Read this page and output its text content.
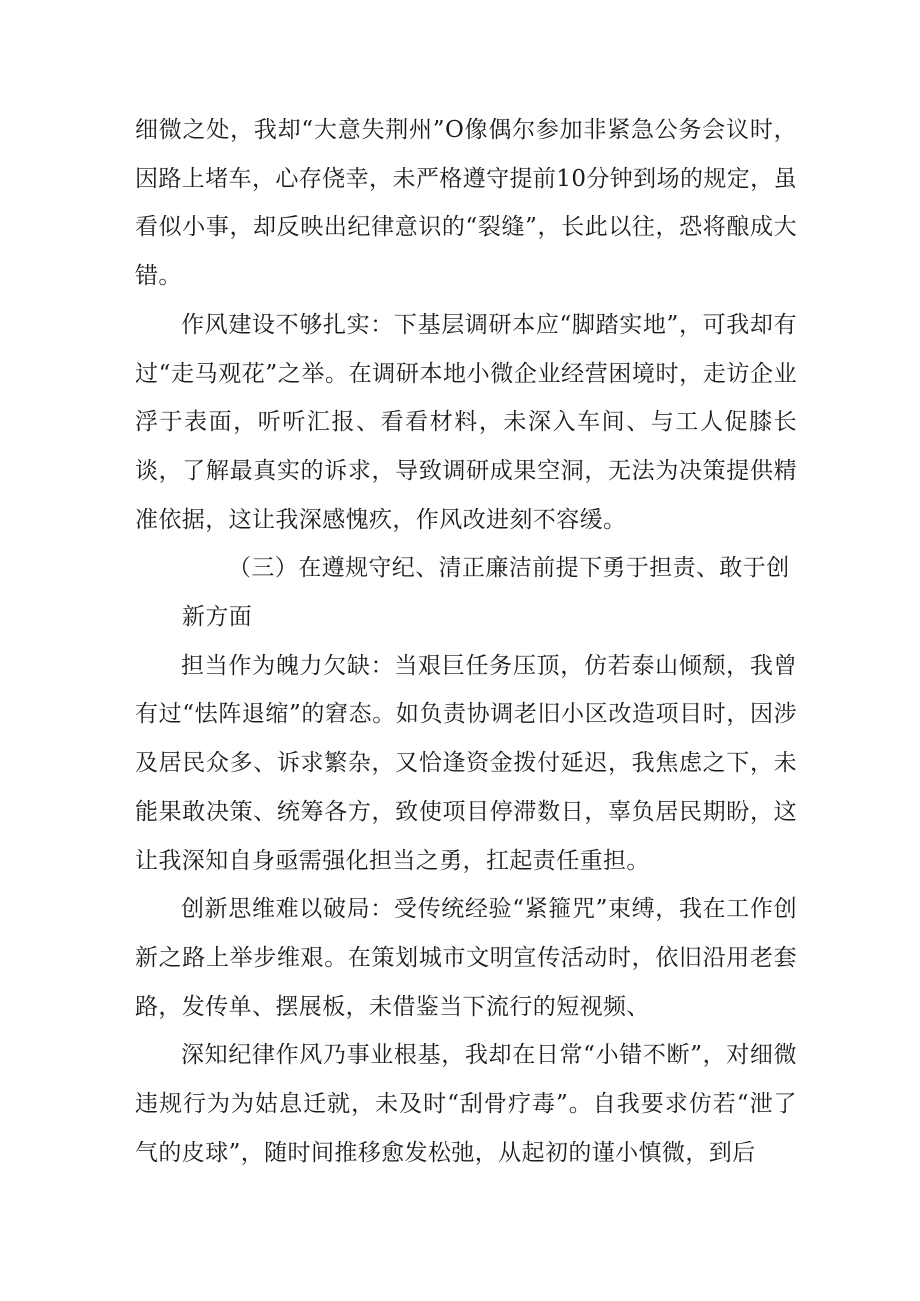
细微之处，我却“大意失荆州”O像偶尔参加非紧急公务会议时，因路上堵车，心存侥幸，未严格遵守提前10分钟到场的规定，虽看似小事，却反映出纪律意识的“裂缝”，长此以往，恐将酿成大错。

作风建设不够扎实：下基层调研本应“脚踏实地”，可我却有过“走马观花”之举。在调研本地小微企业经营困境时，走访企业浮于表面，听听汇报、看看材料，未深入车间、与工人促膝长谈，了解最真实的诉求，导致调研成果空洞，无法为决策提供精准依据，这让我深感愧疚，作风改进刻不容缓。

（三）在遵规守纪、清正廉洁前提下勇于担责、敢于创新方面

担当作为魄力欠缺：当艰巨任务压顶，仿若泰山倾颓，我曾有过“怯阵退缩”的窘态。如负责协调老旧小区改造项目时，因涉及居民众多、诉求繁杂，又恰逢资金拨付延迟，我焦虑之下，未能果敢决策、统筹各方，致使项目停滞数日，辜负居民期盼，这让我深知自身亟需强化担当之勇，扛起责任重担。

创新思维难以破局：受传统经验“紧箍咒”束缚，我在工作创新之路上举步维艰。在策划城市文明宣传活动时，依旧沿用老套路，发传单、摆展板，未借鉴当下流行的短视频、

深知纪律作风乃事业根基，我却在日常“小错不断”，对细微违规行为为姑息迁就，未及时“刮骨疗毒”。自我要求仿若“泄了气的皮球”，随时间推移愈发松弛，从起初的谨小慎微，到后
